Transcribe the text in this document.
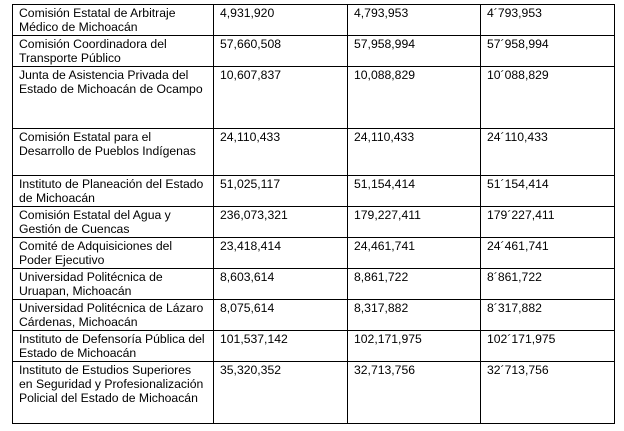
Comisión Estatal de Arbitraje Médico de Michoacán	4,931,920	4,793,953	4´793,953
Comisión Coordinadora del Transporte Público	57,660,508	57,958,994	57´958,994
Junta de Asistencia Privada del Estado de Michoacán de Ocampo	10,607,837	10,088,829	10´088,829
Comisión Estatal para el Desarrollo de Pueblos Indígenas	24,110,433	24,110,433	24´110,433
Instituto de Planeación del Estado de Michoacán	51,025,117	51,154,414	51´154,414
Comisión Estatal del Agua y Gestión de Cuencas	236,073,321	179,227,411	179´227,411
Comité de Adquisiciones del Poder Ejecutivo	23,418,414	24,461,741	24´461,741
Universidad Politécnica de Uruapan, Michoacán	8,603,614	8,861,722	8´861,722
Universidad Politécnica de Lázaro Cárdenas, Michoacán	8,075,614	8,317,882	8´317,882
Instituto de Defensoría Pública del Estado de Michoacán	101,537,142	102,171,975	102´171,975
Instituto de Estudios Superiores en Seguridad y Profesionalización Policial del Estado de Michoacán	35,320,352	32,713,756	32´713,756
